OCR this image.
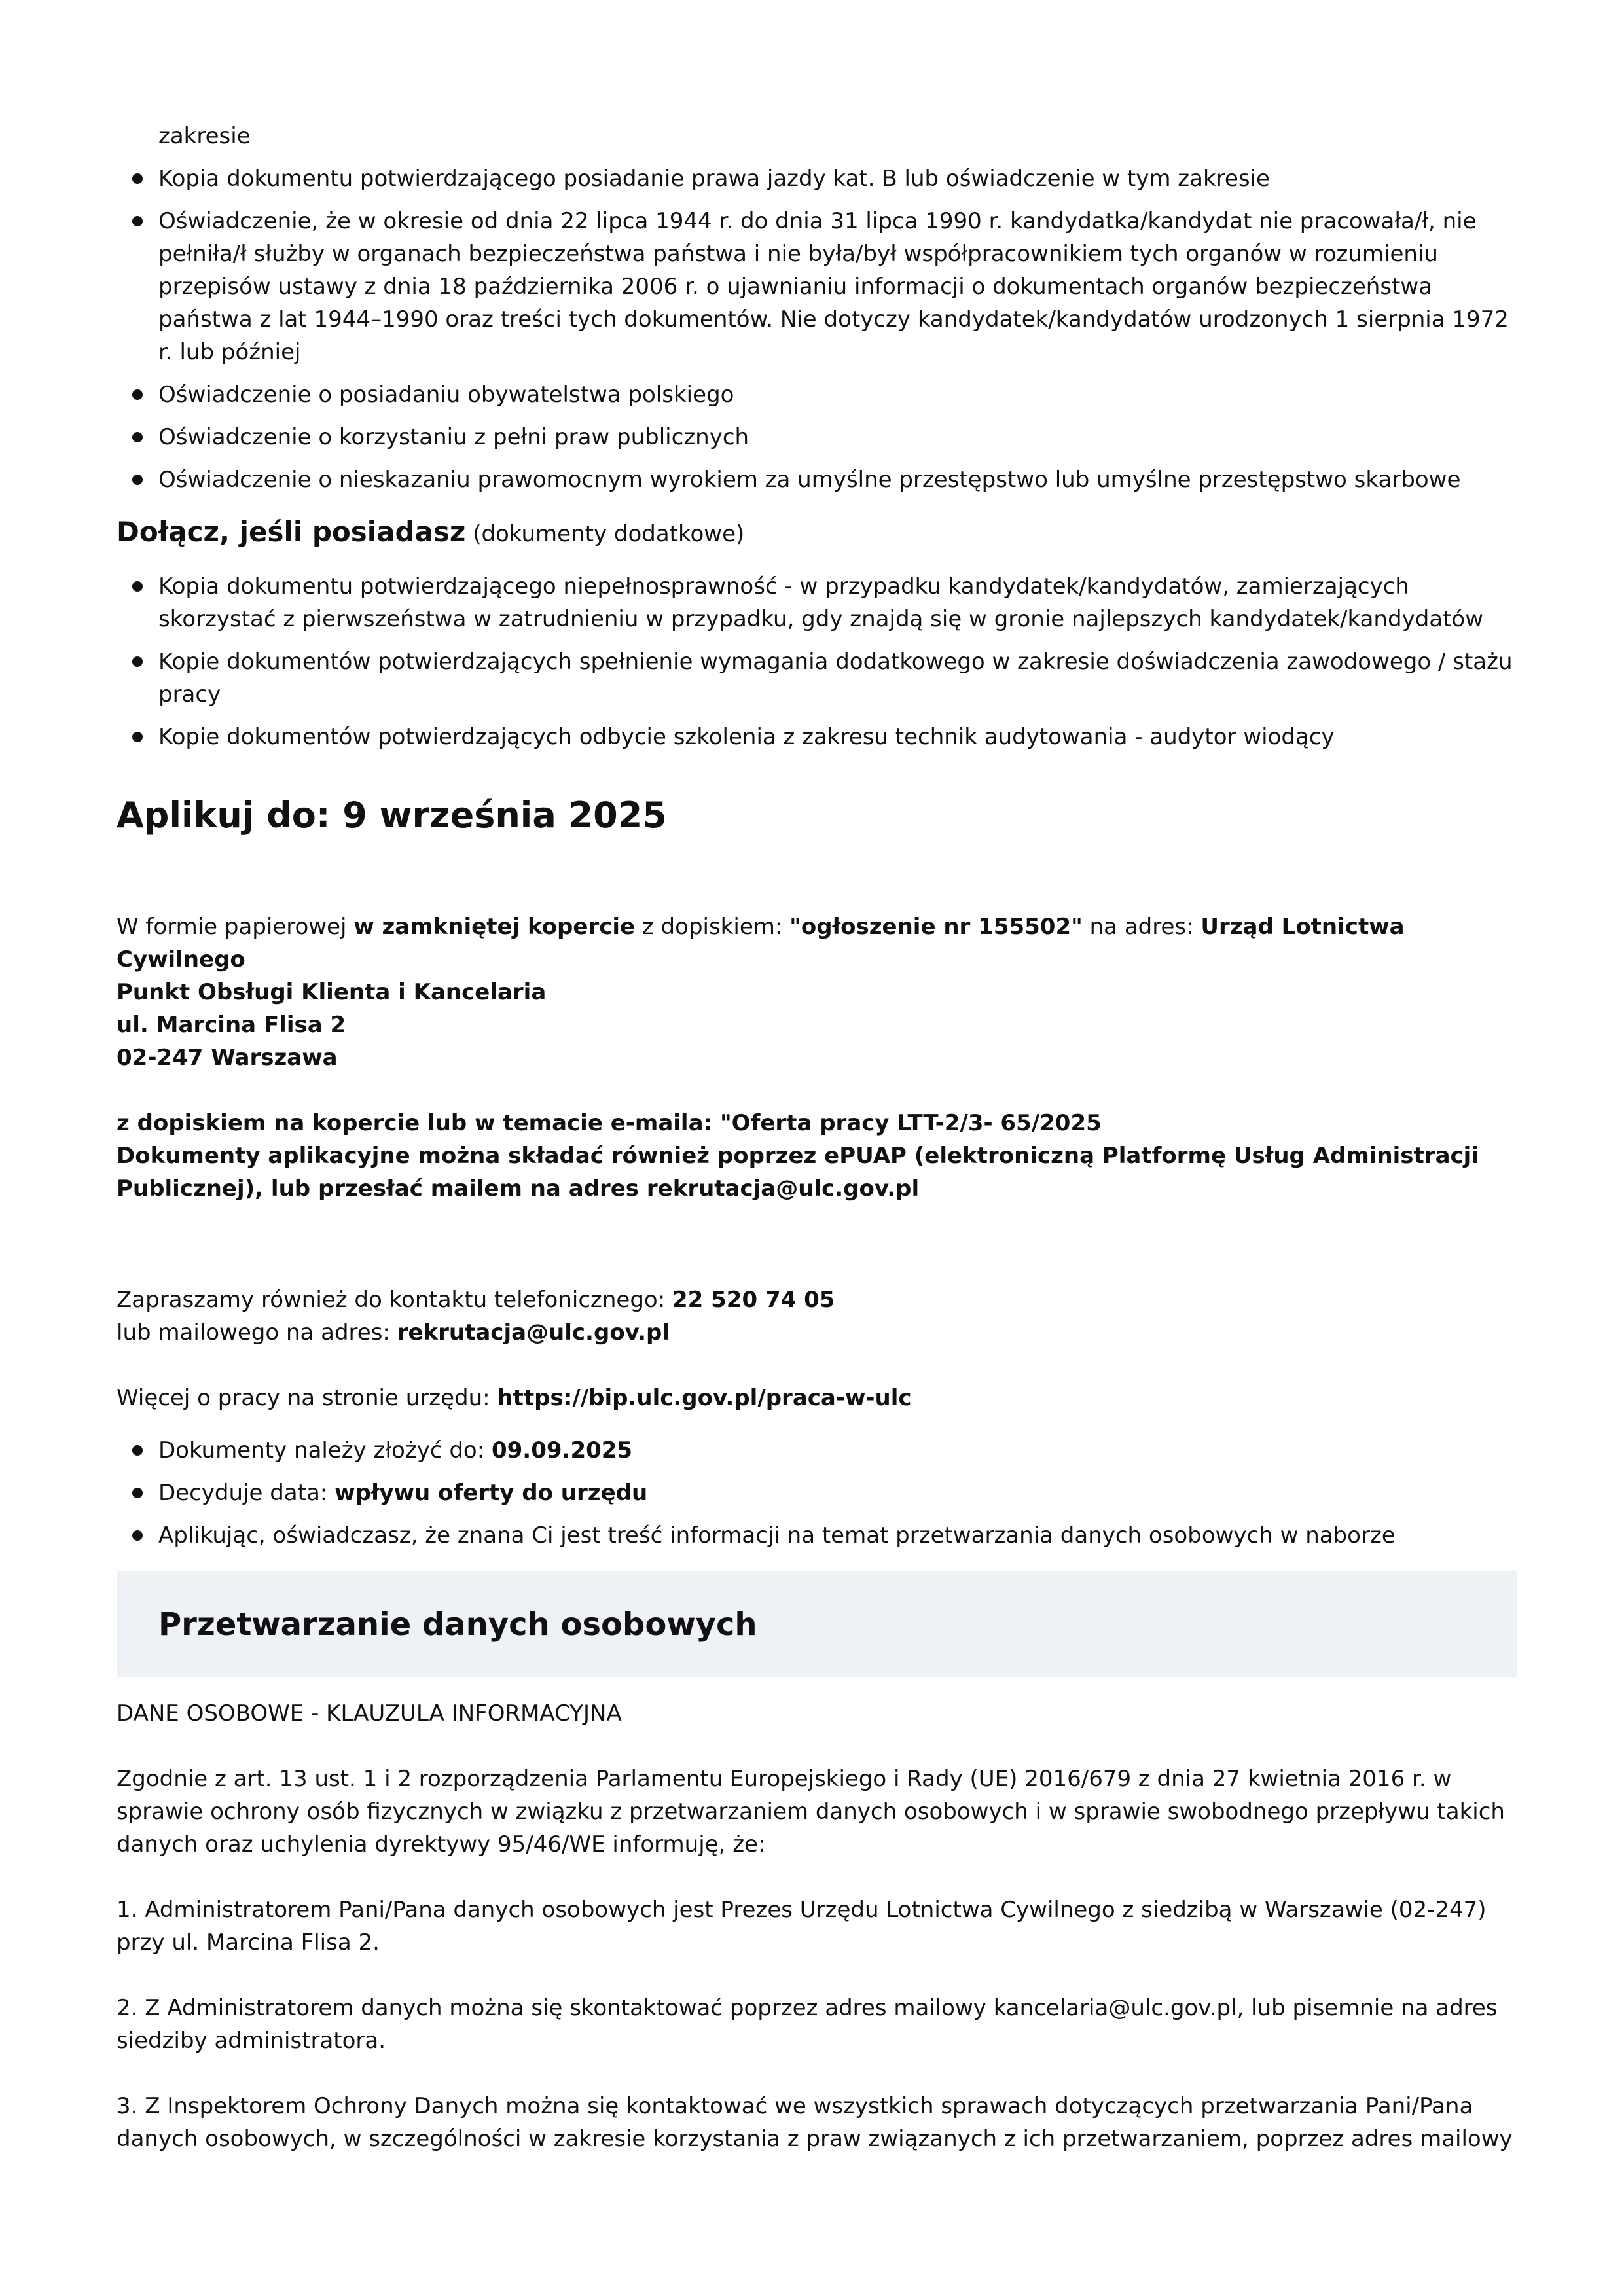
zakresie
Kopia dokumentu potwierdzającego posiadanie prawa jazdy kat. B lub oświadczenie w tym zakresie
Oświadczenie, że w okresie od dnia 22 lipca 1944 r. do dnia 31 lipca 1990 r. kandydatka/kandydat nie pracowała/ł, nie pełniła/ł służby w organach bezpieczeństwa państwa i nie była/był współpracownikiem tych organów w rozumieniu przepisów ustawy z dnia 18 października 2006 r. o ujawnianiu informacji o dokumentach organów bezpieczeństwa państwa z lat 1944–1990 oraz treści tych dokumentów. Nie dotyczy kandydatek/kandydatów urodzonych 1 sierpnia 1972 r. lub później
Oświadczenie o posiadaniu obywatelstwa polskiego
Oświadczenie o korzystaniu z pełni praw publicznych
Oświadczenie o nieskazaniu prawomocnym wyrokiem za umyślne przestępstwo lub umyślne przestępstwo skarbowe
Dołącz, jeśli posiadasz (dokumenty dodatkowe)
Kopia dokumentu potwierdzającego niepełnosprawność - w przypadku kandydatek/kandydatów, zamierzających skorzystać z pierwszeństwa w zatrudnieniu w przypadku, gdy znajdą się w gronie najlepszych kandydatek/kandydatów
Kopie dokumentów potwierdzających spełnienie wymagania dodatkowego w zakresie doświadczenia zawodowego / stażu pracy
Kopie dokumentów potwierdzających odbycie szkolenia z zakresu technik audytowania - audytor wiodący
Aplikuj do: 9 września 2025

W formie papierowej w zamkniętej kopercie z dopiskiem: "ogłoszenie nr 155502" na adres: Urząd Lotnictwa Cywilnego

Punkt Obsługi Klienta i Kancelaria

ul. Marcina Flisa 2

02-247 Warszawa

z dopiskiem na kopercie lub w temacie e-maila: "Oferta pracy LTT-2/3- 65/2025

Dokumenty aplikacyjne można składać również poprzez ePUAP (elektroniczną Platformę Usług Administracji Publicznej), lub przesłać mailem na adres rekrutacja@ulc.gov.pl

Zapraszamy również do kontaktu telefonicznego: 22 520 74 05

lub mailowego na adres: rekrutacja@ulc.gov.pl

Więcej o pracy na stronie urzędu: https://bip.ulc.gov.pl/praca-w-ulc

Dokumenty należy złożyć do: 09.09.2025
Decyduje data: wpływu oferty do urzędu
Aplikując, oświadczasz, że znana Ci jest treść informacji na temat przetwarzania danych osobowych w naborze
Przetwarzanie danych osobowych

DANE OSOBOWE - KLAUZULA INFORMACYJNA

Zgodnie z art. 13 ust. 1 i 2 rozporządzenia Parlamentu Europejskiego i Rady (UE) 2016/679 z dnia 27 kwietnia 2016 r. w sprawie ochrony osób fizycznych w związku z przetwarzaniem danych osobowych i w sprawie swobodnego przepływu takich danych oraz uchylenia dyrektywy 95/46/WE informuję, że:

1. Administratorem Pani/Pana danych osobowych jest Prezes Urzędu Lotnictwa Cywilnego z siedzibą w Warszawie (02-247) przy ul. Marcina Flisa 2.

2. Z Administratorem danych można się skontaktować poprzez adres mailowy kancelaria@ulc.gov.pl, lub pisemnie na adres siedziby administratora.

3. Z Inspektorem Ochrony Danych można się kontaktować we wszystkich sprawach dotyczących przetwarzania Pani/Pana danych osobowych, w szczególności w zakresie korzystania z praw związanych z ich przetwarzaniem, poprzez adres mailowy
